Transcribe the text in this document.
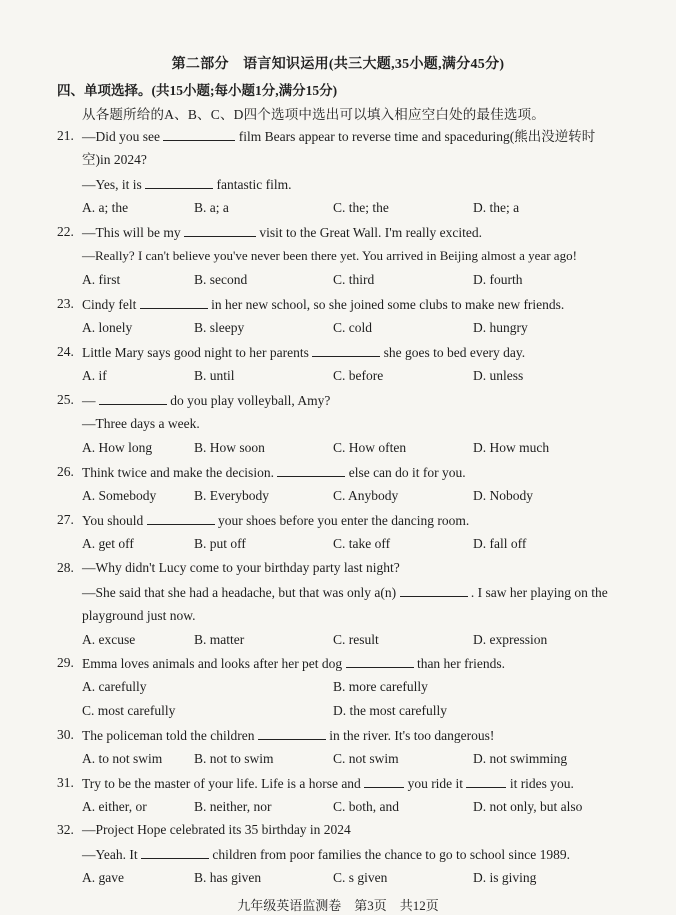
第二部分　语言知识运用(共三大题,35小题,满分45分)
四、单项选择。(共15小题;每小题1分,满分15分)
从各题所给的A、B、C、D四个选项中选出可以填入相应空白处的最佳选项。
21. —Did you see	film Bears appear to reverse time and spaceduring(熊出没逆转时
空)in 2024?
—Yes, it is	fantastic film.
A. a; the	B. a; a	C. the; the	D. the; a
22. —This will be my	visit to the Great Wall. I'm really excited.
—Really? I can't believe you've never been there yet. You arrived in Beijing almost a year ago!
A. first	B. second	C. third	D. fourth
23. Cindy felt	in her new school, so she joined some clubs to make new friends.
A. lonely	B. sleepy	C. cold	D. hungry
24. Little Mary says good night to her parents	she goes to bed every day.
A. if	B. until	C. before	D. unless
25. —	do you play volleyball, Amy?
—Three days a week.
A. How long	B. How soon	C. How often	D. How much
26. Think twice and make the decision.	else can do it for you.
A. Somebody	B. Everybody	C. Anybody	D. Nobody
27. You should	your shoes before you enter the dancing room.
A. get off	B. put off	C. take off	D. fall off
28. —Why didn't Lucy come to your birthday party last night?
—She said that she had a headache, but that was only a(n)	. I saw her playing on the
playground just now.
A. excuse	B. matter	C. result	D. expression
29. Emma loves animals and looks after her pet dog	than her friends.
A. carefully	B. more carefully
C. most carefully	D. the most carefully
30. The policeman told the children	in the river. It's too dangerous!
A. to not swim B. not to swim	C. not swim	D. not swimming
31. Try to be the master of your life. Life is a horse and	you ride it	it rides you.
A. either, or	B. neither, nor	C. both, and	D. not only, but also
32. —Project Hope celebrated its 35 birthday in 2024
—Yeah. It	children from poor families the chance to go to school since 1989.
A. gave	B. has given	C. s given	D. is giving
九年级英语监测卷　第3页　共12页
